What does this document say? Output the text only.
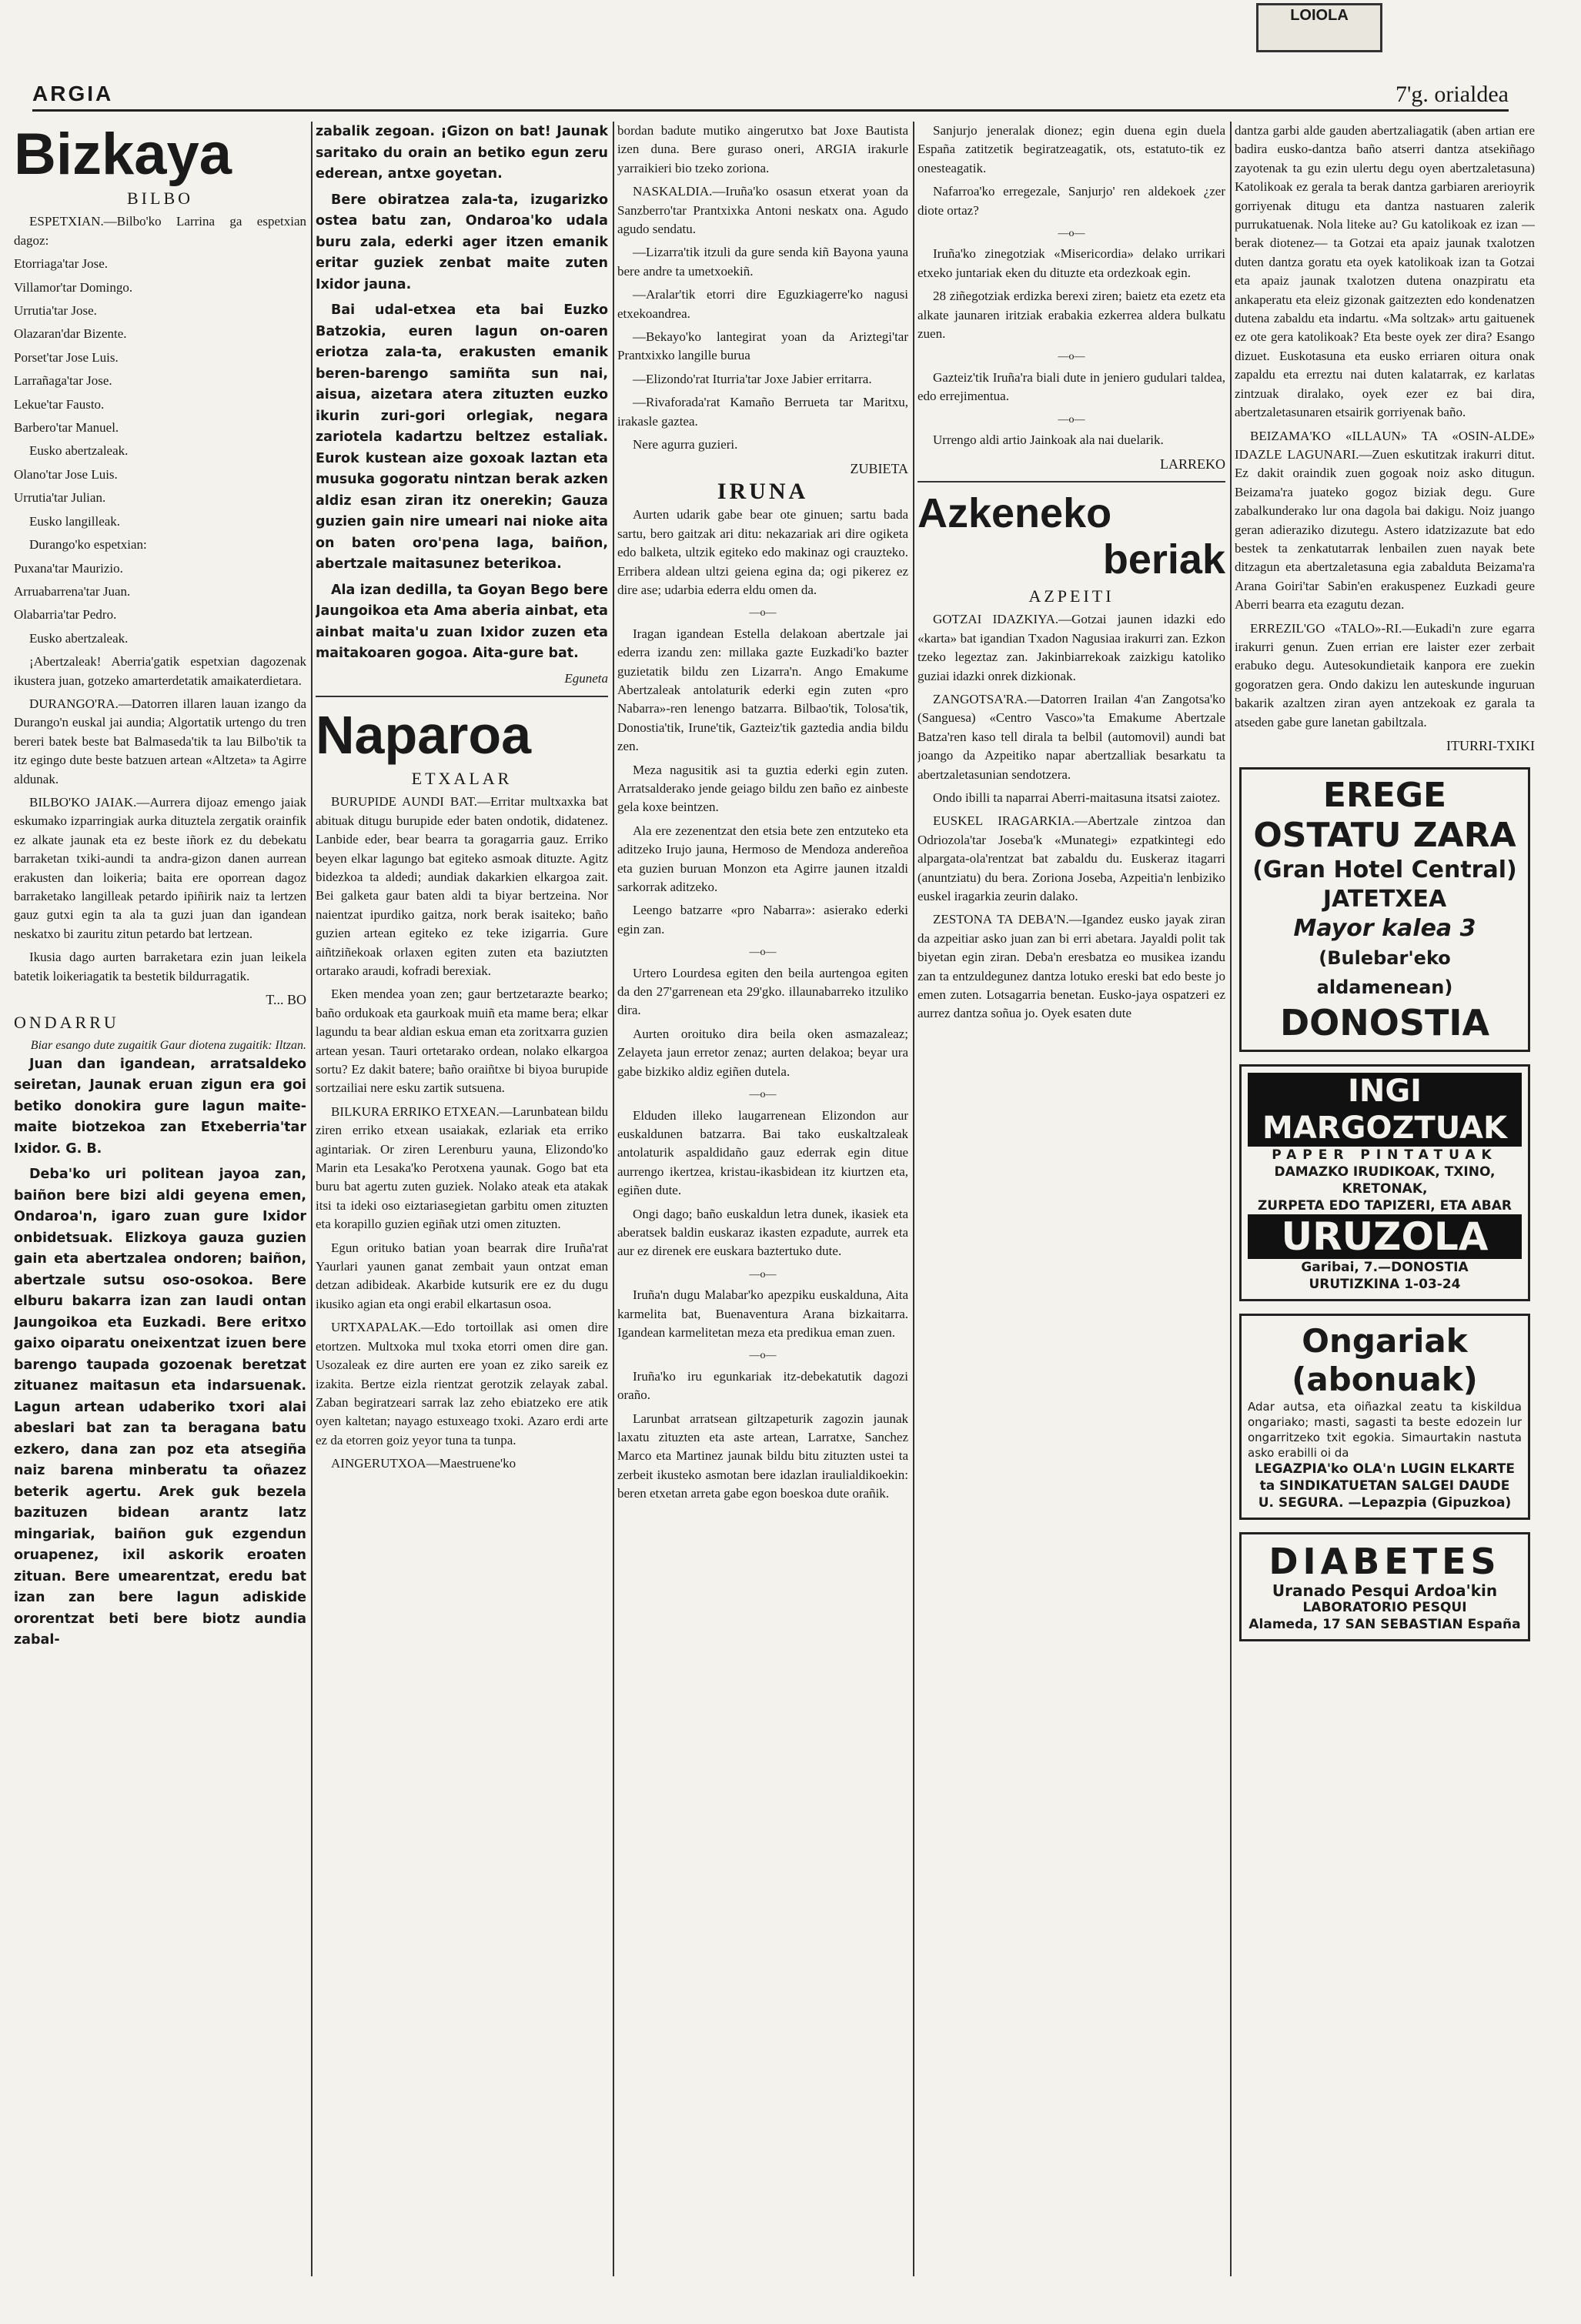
LOIOLA
ARGIA	7'g. orialdea
Bizkaya
BILBO

ESPETXIAN.—Bilbo'ko Larrina ga espetxian dagoz:

Etorriaga'tar Jose.

Villamor'tar Domingo.

Urrutia'tar Jose.

Olazaran'dar Bizente.

Porset'tar Jose Luis.

Larrañaga'tar Jose.

Lekue'tar Fausto.

Barbero'tar Manuel.

Eusko abertzaleak.

Olano'tar Jose Luis.

Urrutia'tar Julian.

Eusko langilleak.

Durango'ko espetxian:

Puxana'tar Maurizio.

Arruabarrena'tar Juan.

Olabarria'tar Pedro.

Eusko abertzaleak.

¡Abertzaleak! Aberria'gatik espetxian dagozenak ikustera juan, gotzeko amarterdetatik amaikaterdietara.

DURANGO'RA.—Datorren illaren lauan izango da Durango'n euskal jai aundia; Algortatik urtengo du tren bereri batek beste bat Balmaseda'tik ta lau Bilbo'tik ta itz egingo dute beste batzuen artean «Altzeta» ta Agirre aldunak.

BILBO'KO JAIAK.—Aurrera dijoaz emengo jaiak eskumako izparringiak aurka dituztela zergatik orainfik ez alkate jaunak eta ez beste iñork ez du debekatu barraketan txiki-aundi ta andra-gizon danen aurrean erakusten dan loikeria; baita ere oporrean dagoz barraketako langilleak petardo ipiñirik naiz ta lertzen gauz gutxi egin ta ala ta guzi juan dan igandean neskatxo bi zauritu zitun petardo bat lertzean.

Ikusia dago aurten barraketara ezin juan leikela batetik loikeriagatik ta bestetik bildurragatik.

T... BO
ONDARRU
Biar esango dute zugaitik Gaur diotena zugaitik: Iltzan.

Juan dan igandean, arratsaldeko seiretan, Jaunak eruan zigun era goi betiko donokira gure lagun maite-maite biotzekoa zan Etxeberria'tar Ixidor. G. B.

Deba'ko uri politean jayoa zan, baiñon bere bizi aldi geyena emen, Ondaroa'n, igaro zuan gure Ixidor onbidetsuak. Elizkoya gauza guzien gain eta abertzalea ondoren; baiñon, abertzale sutsu oso-osokoa. Bere elburu bakarra izan zan Iaudi ontan Jaungoikoa eta Euzkadi. Bere eritxo gaixo oiparatu oneixentzat izuen bere barengo taupada gozoenak beretzat zituanez maitasun eta indarsuenak. Lagun artean udaberiko txori alai abeslari bat zan ta beragana batu ezkero, dana zan poz eta atsegiña naiz barena minberatu ta oñazez beterik agertu. Arek guk bezela bazituzen bidean arantz latz mingariak, baiñon guk ezgendun oruapenez, ixil askorik eroaten zituan. Bere umearentzat, eredu bat izan zan bere lagun adiskide ororentzat beti bere biotz aundia zabal-

zabalik zegoan. ¡Gizon on bat! Jaunak saritako du orain an betiko egun zeru ederean, antxe goyetan.

Bere obiratzea zala-ta, izugarizko ostea batu zan, Ondaroa'ko udala buru zala, ederki ager itzen emanik eritar guziek zenbat maite zuten Ixidor jauna.

Bai udal-etxea eta bai Euzko Batzokia, euren lagun on-oaren eriotza zala-ta, erakusten emanik beren-barengo samiñta sun nai, aisua, aizetara atera zituzten euzko ikurin zuri-gori orlegiak, negara zariotela kadartzu beltzez estaliak. Eurok kustean aize goxoak laztan eta musuka gogoratu nintzan berak azken aldiz esan ziran itz onerekin; Gauza guzien gain nire umeari nai nioke aita on baten oro'pena laga, baiñon, abertzale maitasunez beterikoa.

Ala izan dedilla, ta Goyan Bego bere Jaungoikoa eta Ama aberia ainbat, eta ainbat maita'u zuan Ixidor zuzen eta maitakoaren gogoa. Aita-gure bat.

Eguneta
Naparoa
ETXALAR

BURUPIDE AUNDI BAT.—Erritar multxaxka bat abituak ditugu burupide eder baten ondotik, didatenez. Lanbide eder, bear bearra ta goragarria gauz. Erriko beyen elkar lagungo bat egiteko asmoak dituzte. Agitz bidezkoa ta aldedi; aundiak dakarkien elkargoa zait. Bei galketa gaur baten aldi ta biyar bertzeina. Nor naientzat ipurdiko gaitza, nork berak isaiteko; baño guzien artean egiteko ez teke izigarria. Gure aiñtziñekoak orlaxen egiten zuten eta baziutzten ortarako araudi, kofradi berexiak.

Eken mendea yoan zen; gaur bertzetarazte bearko; baño ordukoak eta gaurkoak muiñ eta mame bera; elkar lagundu ta bear aldian eskua eman eta zoritxarra guzien artean yesan. Tauri ortetarako ordean, nolako elkargoa sortu? Ez dakit batere; baño oraiñtxe bi biyoa burupide sortzailiai nere esku zartik sutsuena.

BILKURA ERRIKO ETXEAN.—Larunbatean bildu ziren erriko etxean usaiakak, ezlariak eta erriko agintariak. Or ziren Lerenburu yauna, Elizondo'ko Marin eta Lesaka'ko Perotxena yaunak. Gogo bat eta buru bat agertu zuten guziek. Nolako ateak eta atakak itsi ta ideki oso eiztariasegietan garbitu omen zituzten eta korapillo guzien egiñak utzi omen zituzten.

Egun orituko batian yoan bearrak dire Iruña'rat Yaurlari yaunen ganat zembait yaun ontzat eman detzan adibideak. Akarbide kutsurik ere ez du dugu ikusiko agian eta ongi erabil elkartasun osoa.

URTXAPALAK.—Edo tortoillak asi omen dire etortzen. Multxoka mul txoka etorri omen dire gan. Usozaleak ez dire aurten ere yoan ez ziko sareik ez izakita. Bertze eizla rientzat gerotzik zelayak zabal. Zaban begiratzeari sarrak laz zeho ebiatzeko ere atik oyen kaltetan; nayago estuxeago txoki. Azaro erdi arte ez da etorren goiz yeyor tuna ta tunpa.

AINGERUTXOA—Maestruene'ko

bordan badute mutiko aingerutxo bat Joxe Bautista izen duna. Bere guraso oneri, ARGIA irakurle yarraikieri bio tzeko zoriona.

NASKALDIA.—Iruña'ko osasun etxerat yoan da Sanzberro'tar Prantxixka Antoni neskatx ona. Agudo agudo sendatu.

—Lizarra'tik itzuli da gure senda kiñ Bayona yauna bere andre ta umetxoekiñ.

—Aralar'tik etorri dire Eguzkiagerre'ko nagusi etxekoandrea.

—Bekayo'ko lantegirat yoan da Ariztegi'tar Prantxixko langille burua

—Elizondo'rat Iturria'tar Joxe Jabier erritarra.

—Rivaforada'rat Kamaño Berrueta tar Maritxu, irakasle gaztea.

Nere agurra guzieri.

ZUBIETA
IRUNA

Aurten udarik gabe bear ote ginuen; sartu bada sartu, bero gaitzak ari ditu: nekazariak ari dire ogiketa edo balketa, ultzik egiteko edo makinaz ogi crauzteko. Erribera aldean ultzi geiena egina da; ogi pikerez ez dire ase; udarbia ederra eldu omen da.

—o—

Iragan igandean Estella delakoan abertzale jai ederra izandu zen: millaka gazte Euzkadi'ko bazter guzietatik bildu zen Lizarra'n. Ango Emakume Abertzaleak antolaturik ederki egin zuten «pro Nabarra»-ren lenengo batzarra. Bilbao'tik, Tolosa'tik, Donostia'tik, Irune'tik, Gazteiz'tik gaztedia andia bildu zen.

Meza nagusitik asi ta guztia ederki egin zuten. Arratsalderako jende geiago bildu zen baño ez ainbeste gela koxe beintzen.

Ala ere zezenentzat den etsia bete zen entzuteko eta aditzeko Irujo jauna, Hermoso de Mendoza andereñoa eta guzien buruan Monzon eta Agirre jaunen itzaldi sarkorrak aditzeko.

Leengo batzarre «pro Nabarra»: asierako ederki egin zan.

—o—

Urtero Lourdesa egiten den beila aurtengoa egiten da den 27'garrenean eta 29'gko. illaunabarreko itzuliko dira.

Aurten oroituko dira beila oken asmazaleaz; Zelayeta jaun erretor zenaz; aurten delakoa; beyar ura gabe bizkiko aldiz egiñen dutela.

—o—

Elduden illeko laugarrenean Elizondon aur euskaldunen batzarra. Bai tako euskaltzaleak antolaturik aspaldidaño gauz ederrak egin ditue aurrengo ikertzea, kristau-ikasbidean itz kiurtzen eta, egiñen dute.

Ongi dago; baño euskaldun letra dunek, ikasiek eta aberatsek baldin euskaraz ikasten ezpadute, aurrek eta aur ez direnek ere euskara baztertuko dute.

—o—

Iruña'n dugu Malabar'ko apezpiku euskalduna, Aita karmelita bat, Buenaventura Arana bizkaitarra. Igandean karmelitetan meza eta predikua eman zuen.

—o—

Iruña'ko iru egunkariak itz-debekatutik dagozi oraño.

Larunbat arratsean giltzapeturik zagozin jaunak laxatu zituzten eta aste artean, Larratxe, Sanchez Marco eta Martinez jaunak bildu bitu zituzten ustei ta zerbeit ikusteko asmotan bere idazlan iraulialdikoekin: beren etxetan arreta gabe egon boeskoa dute orañik.

Sanjurjo jeneralak dionez; egin duena egin duela España zatitzetik begiratzeagatik, ots, estatuto-tik ez onesteagatik.

Nafarroa'ko erregezale, Sanjurjo' ren aldekoek ¿zer diote ortaz?

—o—

Iruña'ko zinegotziak «Misericordia» delako urrikari etxeko juntariak eken du dituzte eta ordezkoak egin.

28 ziñegotziak erdizka berexi ziren; baietz eta ezetz eta alkate jaunaren iritziak erabakia ezkerrea aldera bulkatu zuen.

—o—

Gazteiz'tik Iruña'ra biali dute in jeniero gudulari taldea, edo errejimentua.

—o—

Urrengo aldi artio Jainkoak ala nai duelarik.

LARREKO
Azkeneko
beriak
AZPEITI

GOTZAI IDAZKIYA.—Gotzai jaunen idazki edo «karta» bat igandian Txadon Nagusiaa irakurri zan. Ezkon tzeko legeztaz zan. Jakinbiarrekoak zaizkigu katoliko guziai idazki onrek dizkionak.

ZANGOTSA'RA.—Datorren Irailan 4'an Zangotsa'ko (Sanguesa) «Centro Vasco»'ta Emakume Abertzale Batza'ren kaso tell dirala ta belbil (automovil) aundi bat joango da Azpeitiko napar abertzalliak besarkatu ta abertzaletasunian sendotzera.

Ondo ibilli ta naparrai Aberri-maitasuna itsatsi zaiotez.

EUSKEL IRAGARKIA.—Abertzale zintzoa dan Odriozola'tar Joseba'k «Munategi» ezpatkintegi edo alpargata-ola'rentzat bat zabaldu du. Euskeraz itagarri (anuntziatu) du bera. Zoriona Joseba, Azpeitia'n lenbiziko euskel iragarkia zeurin dalako.

ZESTONA TA DEBA'N.—Igandez eusko jayak ziran da azpeitiar asko juan zan bi erri abetara. Jayaldi polit tak biyetan egin ziran. Deba'n eresbatza eo musikea izandu zan ta entzuldegunez dantza lotuko ereski bat edo beste jo emen zuten. Lotsagarria benetan. Eusko-jaya ospatzeri ez aurrez dantza soñua jo. Oyek esaten dute

dantza garbi alde gauden abertzaliagatik (aben artian ere badira eusko-dantza baño atserri dantza atsekiñago zayotenak ta gu ezin ulertu degu oyen abertzaletasuna) Katolikoak ez gerala ta berak dantza garbiaren arerioyrik gorriyenak ditugu eta dantza nastuaren zalerik purrukatuenak. Nola liteke au? Gu katolikoak ez izan —berak diotenez— ta Gotzai eta apaiz jaunak txalotzen duten dantza goratu eta oyek katolikoak izan ta Gotzai eta apaiz jaunak txalotzen dutena onazpiratu eta ankaperatu eta eleiz gizonak gaitzezten edo kondenatzen dutena zabaldu eta indartu. «Ma soltzak» artu gaituenek ez ote gera katolikoak? Eta beste oyek zer dira? Esango dizuet. Euskotasuna eta eusko erriaren oitura onak zapaldu eta erreztu nai duten kalatarrak, ez karlatas zintzuak diralako, oyek ezer ez bai dira, abertzaletasunaren etsairik gorriyenak baño.

BEIZAMA'KO «ILLAUN» TA «OSIN-ALDE» IDAZLE LAGUNARI.—Zuen eskutitzak irakurri ditut. Ez dakit oraindik zuen gogoak noiz asko ditugun. Beizama'ra juateko gogoz biziak degu. Gure zabalkunderako lur ona dagola bai dakigu. Noiz juango geran adieraziko dizutegu. Astero idatzizazute bat edo bestek ta zenkatutarrak lenbailen zuen nayak bete ditzagun eta abertzaletasuna egia zabalduta Beizama'ra Arana Goiri'tar Sabin'en erakuspenez Euzkadi geure Aberri bearra eta ezagutu dezan.

ERREZIL'GO «TALO»-RI.—Eukadi'n zure egarra irakurri genun. Zuen errian ere laister ezer zerbait erabuko degu. Autesokundietaik kanpora ere zuekin gogoratzen gera. Ondo dakizu len auteskunde inguruan bakarik azaltzen ziran ayen antzekoak ez garala ta atseden gabe gure lanetan gabiltzala.

ITURRI-TXIKI
EREGE OSTATU ZARA
(Gran Hotel Central)
JATETXEA
Mayor kalea 3
(Bulebar'eko aldamenean)
DONOSTIA
INGI MARGOZTUAK
PAPER PINTATUAK
DAMAZKO IRUDIKOAK, TXINO, KRETONAK,
ZURPETA EDO TAPIZERI, ETA ABAR
URUZOLA
Garibai, 7.—DONOSTIA
URUTIZKINA 1-03-24
Ongariak (abonuak)
Adar autsa, eta oiñazkal zeatu ta kiskildua ongariako; masti, sagasti ta beste edozein lur ongarritzeko txit egokia. Simaurtakin nastuta asko erabilli oi da
LEGAZPIA'ko OLA'n LUGIN ELKARTE
ta SINDIKATUETAN SALGEI DAUDE
U. SEGURA. —Lepazpia (Gipuzkoa)
DIABETES
Uranado Pesqui Ardoa'kin
LABORATORIO PESQUI
Alameda, 17 SAN SEBASTIAN España
